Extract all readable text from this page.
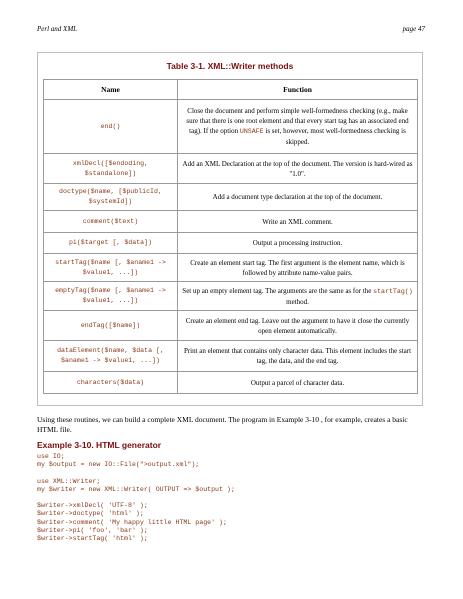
Perl and XML	page 47
Table 3-1. XML::Writer methods
Name	Function
end()	Close the document and perform simple well-formedness checking (e.g., make sure that there is one root element and that every start tag has an associated end tag). If the option UNSAFE is set, however, most well-formedness checking is skipped.
xmlDecl([$endoding,
$standalone])	Add an XML Declaration at the top of the document. The version is hard-wired as "1.0".
doctype($name, [$publicId,
$systemId])	Add a document type declaration at the top of the document.
comment($text)	Write an XML comment.
pi($target [, $data])	Output a processing instruction.
startTag($name [, $aname1 ->
$value1, ...])	Create an element start tag. The first argument is the element name, which is followed by attribute name-value pairs.
emptyTag($name [, $aname1 ->
$value1, ...])	Set up an empty element tag. The arguments are the same as for the startTag() method.
endTag([$name])	Create an element end tag. Leave out the argument to have it close the currently open element automatically.
dataElement($name, $data [,
$aname1 -> $value1, ...])	Print an element that contains only character data. This element includes the start tag, the data, and the end tag.
characters($data)	Output a parcel of character data.
Using these routines, we can build a complete XML document. The program in Example 3-10 , for example, creates a basic HTML file.
Example 3-10. HTML generator
use IO;
my $output = new IO::File(">output.xml");
use XML::Writer;
my $writer = new XML::Writer( OUTPUT => $output );
$writer->xmlDecl( 'UTF-8' );
$writer->doctype( 'html' );
$writer->comment( 'My happy little HTML page' );
$writer->pi( 'foo', 'bar' );
$writer->startTag( 'html' );
